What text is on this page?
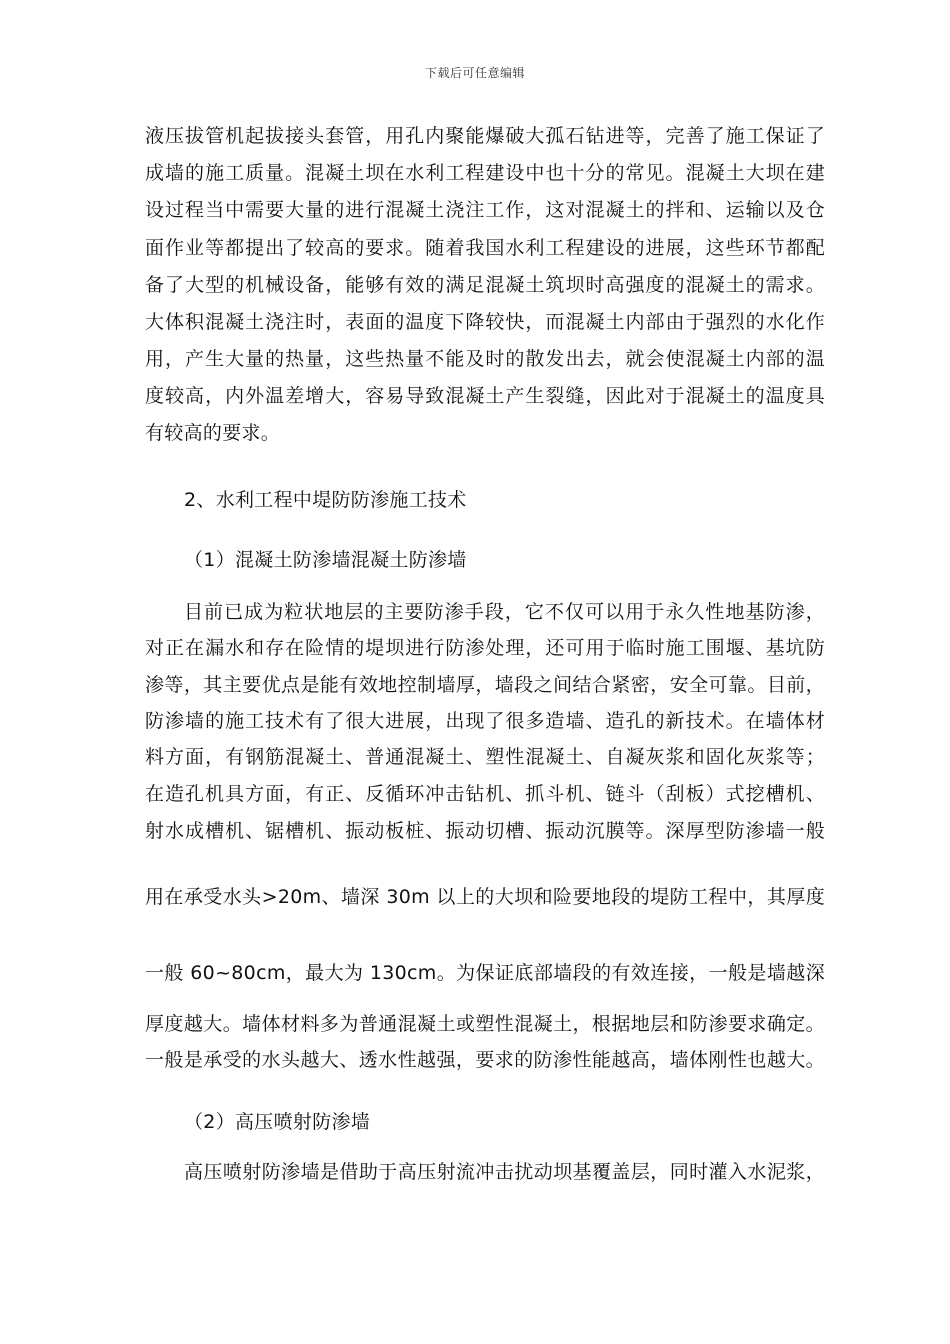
下载后可任意编辑
液压拔管机起拔接头套管，用孔内聚能爆破大孤石钻进等，完善了施工保证了
成墙的施工质量。混凝土坝在水利工程建设中也十分的常见。混凝土大坝在建
设过程当中需要大量的进行混凝土浇注工作，这对混凝土的拌和、运输以及仓
面作业等都提出了较高的要求。随着我国水利工程建设的进展，这些环节都配
备了大型的机械设备，能够有效的满足混凝土筑坝时高强度的混凝土的需求。
大体积混凝土浇注时，表面的温度下降较快，而混凝土内部由于强烈的水化作
用，产生大量的热量，这些热量不能及时的散发出去，就会使混凝土内部的温
度较高，内外温差增大，容易导致混凝土产生裂缝，因此对于混凝土的温度具
有较高的要求。
2、水利工程中堤防防渗施工技术
（1）混凝土防渗墙混凝土防渗墙
目前已成为粒状地层的主要防渗手段，它不仅可以用于永久性地基防渗，
对正在漏水和存在险情的堤坝进行防渗处理，还可用于临时施工围堰、基坑防
渗等，其主要优点是能有效地控制墙厚，墙段之间结合紧密，安全可靠。目前，
防渗墙的施工技术有了很大进展，出现了很多造墙、造孔的新技术。在墙体材
料方面，有钢筋混凝土、普通混凝土、塑性混凝土、自凝灰浆和固化灰浆等；
在造孔机具方面，有正、反循环冲击钻机、抓斗机、链斗（刮板）式挖槽机、
射水成槽机、锯槽机、振动板桩、振动切槽、振动沉膜等。深厚型防渗墙一般
用在承受水头>20m、墙深 30m 以上的大坝和险要地段的堤防工程中，其厚度
一般 60~80cm，最大为 130cm。为保证底部墙段的有效连接，一般是墙越深
厚度越大。墙体材料多为普通混凝土或塑性混凝土，根据地层和防渗要求确定。
一般是承受的水头越大、透水性越强，要求的防渗性能越高，墙体刚性也越大。
（2）高压喷射防渗墙
高压喷射防渗墙是借助于高压射流冲击扰动坝基覆盖层，同时灌入水泥浆，
